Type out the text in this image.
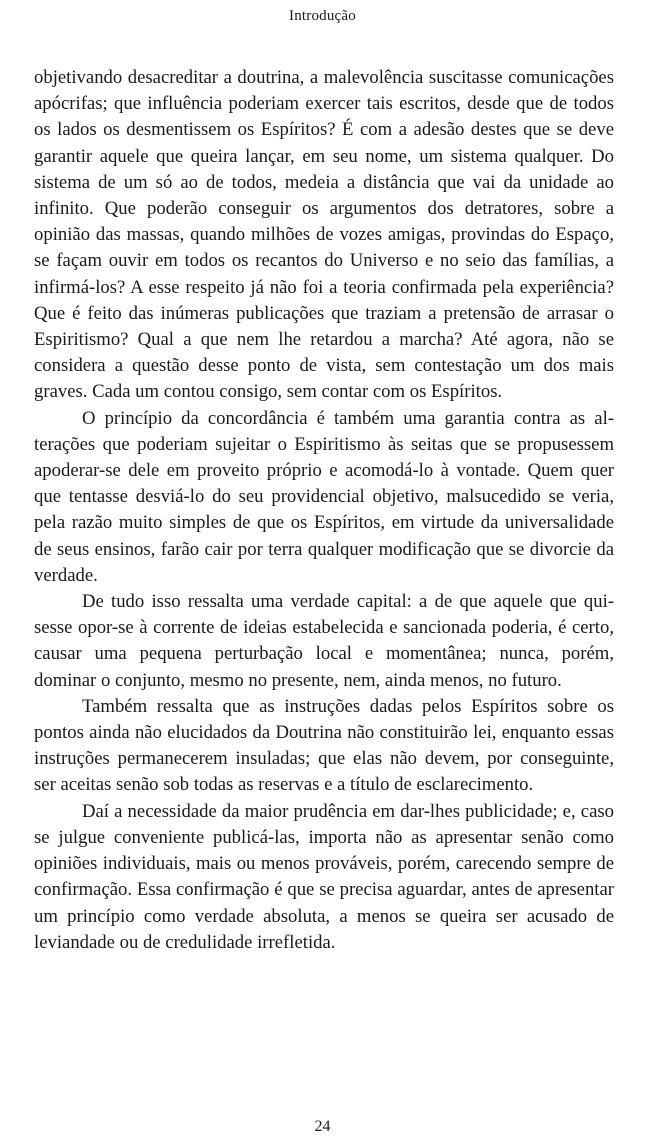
Introdução

objetivando desacreditar a doutrina, a malevolência suscitasse comunicações apócrifas; que influência poderiam exercer tais escritos, desde que de todos os lados os desmentissem os Espíritos? É com a adesão destes que se deve garantir aquele que queira lançar, em seu nome, um sistema qualquer. Do sistema de um só ao de todos, medeia a distância que vai da unidade ao infinito. Que poderão conseguir os argumentos dos detratores, sobre a opinião das massas, quando milhões de vozes amigas, provindas do Espaço, se façam ouvir em todos os recantos do Universo e no seio das famílias, a infirmá-los? A esse respeito já não foi a teoria confirmada pela experiência? Que é feito das inúmeras publicações que traziam a pretensão de arrasar o Espiritismo? Qual a que nem lhe retardou a marcha? Até agora, não se considera a questão desse ponto de vista, sem contestação um dos mais graves. Cada um contou consigo, sem contar com os Espíritos.

O princípio da concordância é também uma garantia contra as alterações que poderiam sujeitar o Espiritismo às seitas que se propusessem apoderar-se dele em proveito próprio e acomodá-lo à vontade. Quem quer que tentasse desviá-lo do seu providencial objetivo, malsucedido se veria, pela razão muito simples de que os Espíritos, em virtude da universalidade de seus ensinos, farão cair por terra qualquer modificação que se divorcie da verdade.

De tudo isso ressalta uma verdade capital: a de que aquele que quisesse opor-se à corrente de ideias estabelecida e sancionada poderia, é certo, causar uma pequena perturbação local e momentânea; nunca, porém, dominar o conjunto, mesmo no presente, nem, ainda menos, no futuro.

Também ressalta que as instruções dadas pelos Espíritos sobre os pontos ainda não elucidados da Doutrina não constituirão lei, enquanto essas instruções permanecerem insuladas; que elas não devem, por conseguinte, ser aceitas senão sob todas as reservas e a título de esclarecimento.

Daí a necessidade da maior prudência em dar-lhes publicidade; e, caso se julgue conveniente publicá-las, importa não as apresentar senão como opiniões individuais, mais ou menos prováveis, porém, carecendo sempre de confirmação. Essa confirmação é que se precisa aguardar, antes de apresentar um princípio como verdade absoluta, a menos se queira ser acusado de leviandade ou de credulidade irrefletida.

24
